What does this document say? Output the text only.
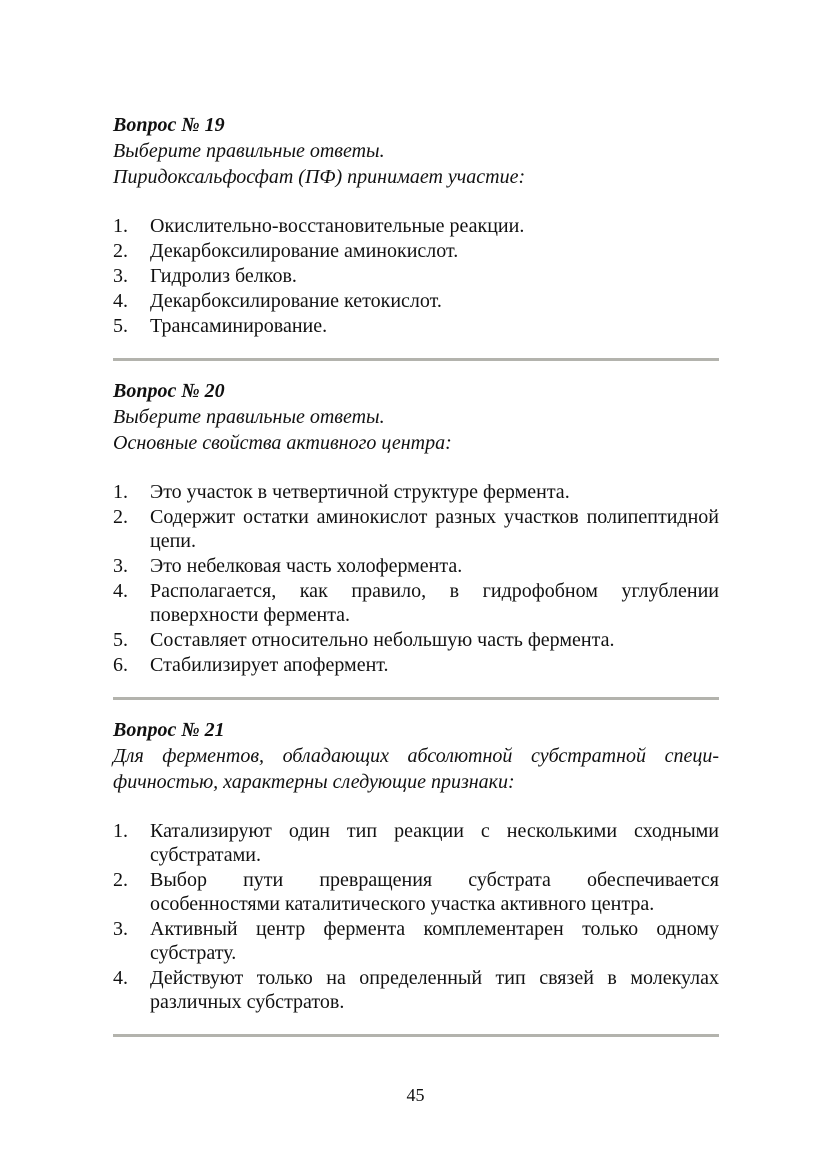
Вопрос № 19

Выберите правильные ответы.

Пиридоксальфосфат (ПФ) принимает участие:

1.	Окислительно-восстановительные реакции.
2.	Декарбоксилирование аминокислот.
3.	Гидролиз белков.
4.	Декарбоксилирование кетокислот.
5.	Трансаминирование.

Вопрос № 20

Выберите правильные ответы.

Основные свойства активного центра:

1.	Это участок в четвертичной структуре фермента.
2.	Содержит остатки аминокислот разных участков полипептидной цепи.
3.	Это небелковая часть холофермента.
4.	Располагается, как правило, в гидрофобном углублении поверхности фермента.
5.	Составляет относительно небольшую часть фермента.
6.	Стабилизирует апофермент.

Вопрос № 21

Для ферментов, обладающих абсолютной субстратной специ-

фичностью, характерны следующие признаки:

1.	Катализируют один тип реакции с несколькими сходными субстратами.
2.	Выбор пути превращения субстрата обеспечивается особенностями каталитического участка активного центра.
3.	Активный центр фермента комплементарен только одному субстрату.
4.	Действуют только на определенный тип связей в молекулах различных субстратов.
45
